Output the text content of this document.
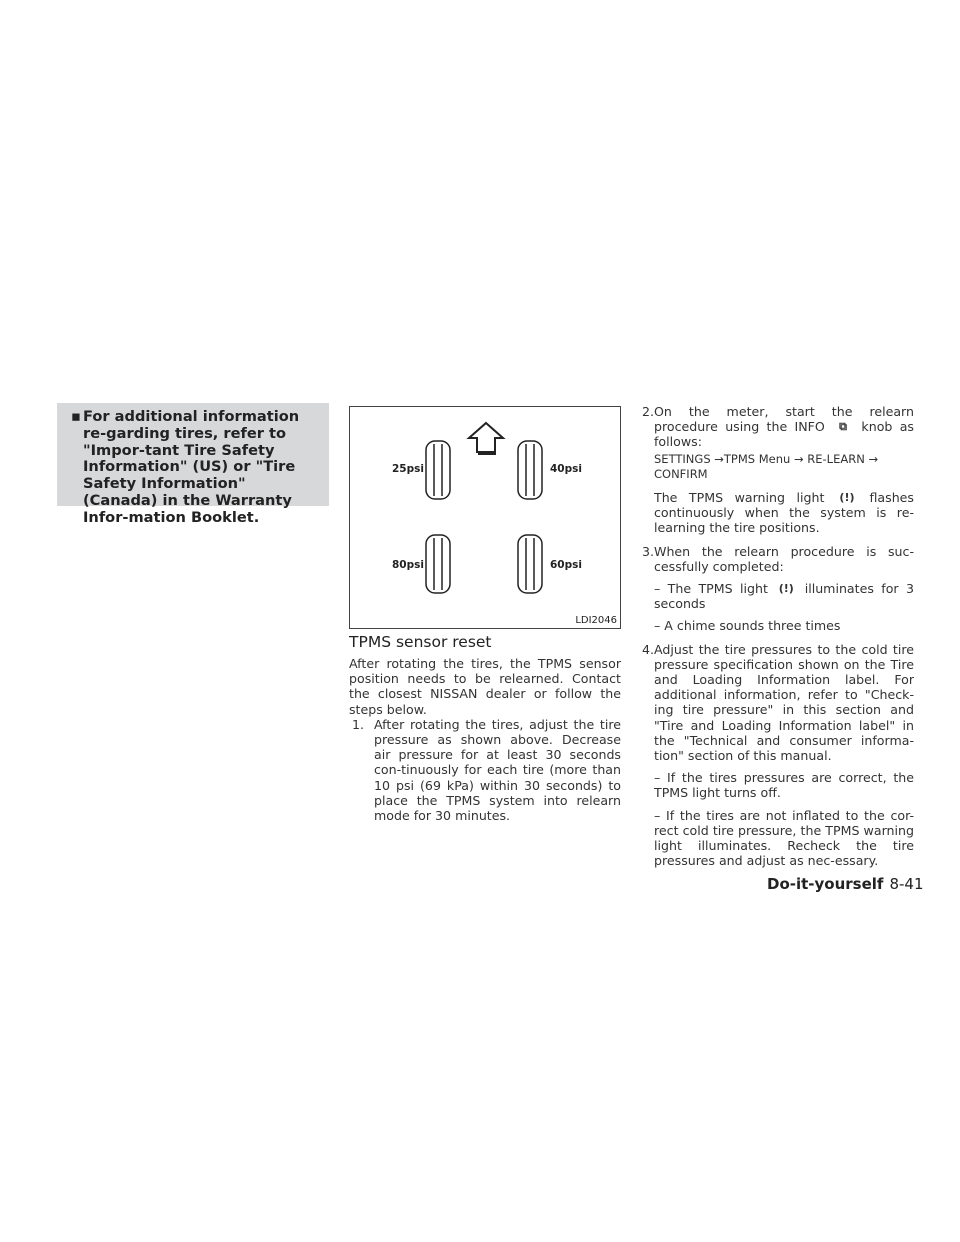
▪ For additional information re-garding tires, refer to "Impor-tant Tire Safety Information" (US) or "Tire Safety Information" (Canada) in the Warranty Infor-mation Booklet.
25psi	40psi
80psi	60psi
LDI2046
TPMS sensor reset

After rotating the tires, the TPMS sensor position needs to be relearned. Contact the closest NISSAN dealer or follow the steps below.

1. After rotating the tires, adjust the tire pressure as shown above. Decrease air pressure for at least 30 seconds con-tinuously for each tire (more than 10 psi (69 kPa) within 30 seconds) to place the TPMS system into relearn mode for 30 minutes.
2. On the meter, start the relearn procedure using the INFO ⧉ knob as follows:
SETTINGS →TPMS Menu → RE-LEARN → CONFIRM
The TPMS warning light (!) flashes continuously when the system is re-learning the tire positions.
3. When the relearn procedure is suc-cessfully completed:
– The TPMS light (!) illuminates for 3 seconds
– A chime sounds three times
4. Adjust the tire pressures to the cold tire pressure specification shown on the Tire and Loading Information label. For additional information, refer to "Check-ing tire pressure" in this section and "Tire and Loading Information label" in the "Technical and consumer informa-tion" section of this manual.
– If the tires pressures are correct, the TPMS light turns off.
– If the tires are not inflated to the cor-rect cold tire pressure, the TPMS warning light illuminates. Recheck the tire pressures and adjust as nec-essary.
Do-it-yourself 8-41
